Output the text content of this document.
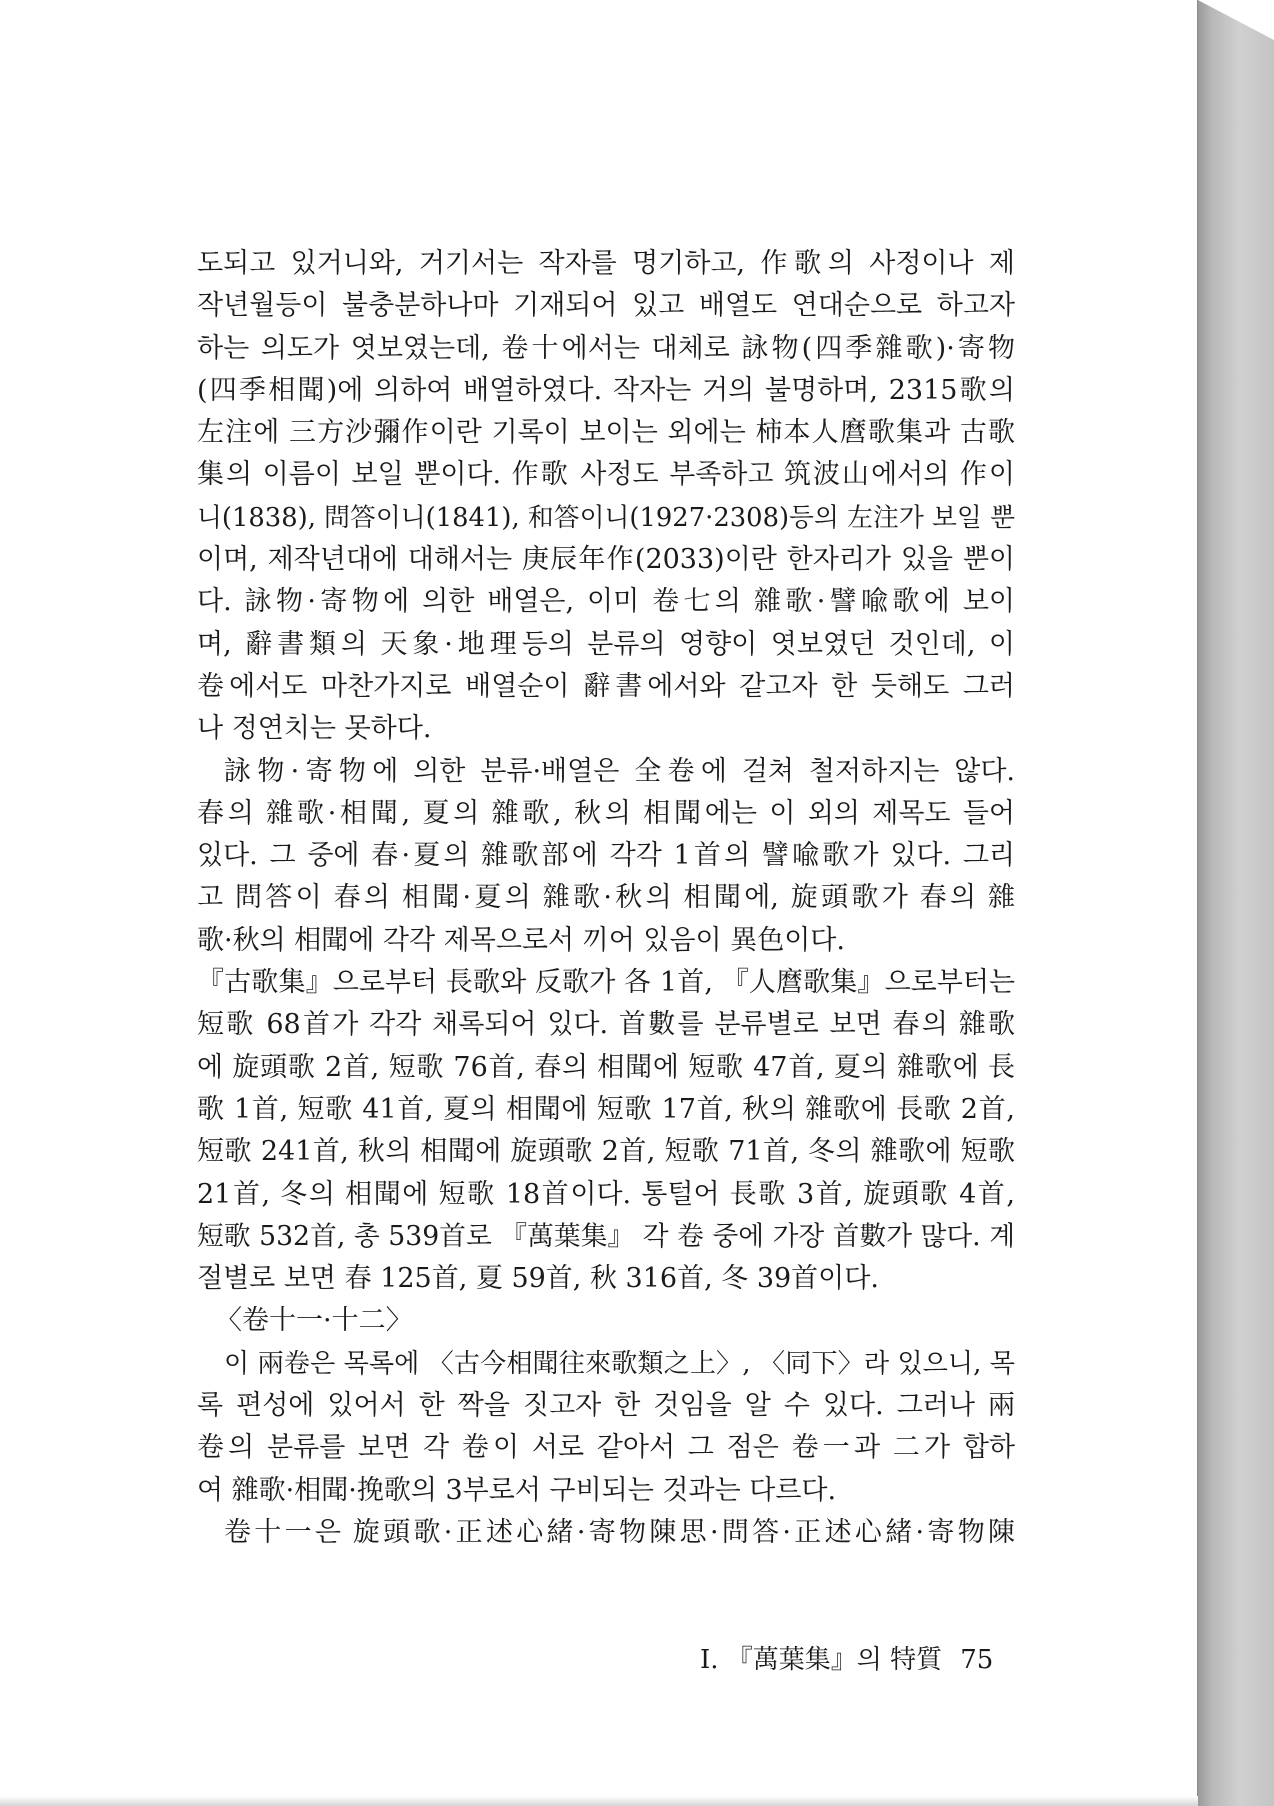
도되고 있거니와, 거기서는 작자를 명기하고, 作歌의 사정이나 제
작년월등이 불충분하나마 기재되어 있고 배열도 연대순으로 하고자
하는 의도가 엿보였는데, 卷十에서는 대체로 詠物(四季雜歌)·寄物
(四季相聞)에 의하여 배열하였다. 작자는 거의 불명하며, 2315歌의
左注에 三方沙彌作이란 기록이 보이는 외에는 柿本人麿歌集과 古歌
集의 이름이 보일 뿐이다. 作歌 사정도 부족하고 筑波山에서의 作이
니(1838), 問答이니(1841), 和答이니(1927·2308)등의 左注가 보일 뿐
이며, 제작년대에 대해서는 庚辰年作(2033)이란 한자리가 있을 뿐이
다. 詠物·寄物에 의한 배열은, 이미 卷七의 雜歌·譬喩歌에 보이
며, 辭書類의 天象·地理등의 분류의 영향이 엿보였던 것인데, 이
卷에서도 마찬가지로 배열순이 辭書에서와 같고자 한 듯해도 그러
나 정연치는 못하다.
詠物·寄物에 의한 분류·배열은 全卷에 걸쳐 철저하지는 않다.
春의 雜歌·相聞, 夏의 雜歌, 秋의 相聞에는 이 외의 제목도 들어
있다. 그 중에 春·夏의 雜歌部에 각각 1首의 譬喩歌가 있다. 그리
고 問答이 春의 相聞·夏의 雜歌·秋의 相聞에, 旋頭歌가 春의 雜
歌·秋의 相聞에 각각 제목으로서 끼어 있음이 異色이다.
『古歌集』으로부터 長歌와 反歌가 各 1首, 『人麿歌集』으로부터는
短歌 68首가 각각 채록되어 있다. 首數를 분류별로 보면 春의 雜歌
에 旋頭歌 2首, 短歌 76首, 春의 相聞에 短歌 47首, 夏의 雜歌에 長
歌 1首, 短歌 41首, 夏의 相聞에 短歌 17首, 秋의 雜歌에 長歌 2首,
短歌 241首, 秋의 相聞에 旋頭歌 2首, 短歌 71首, 冬의 雜歌에 短歌
21首, 冬의 相聞에 短歌 18首이다. 통털어 長歌 3首, 旋頭歌 4首,
短歌 532首, 총 539首로 『萬葉集』 각 卷 중에 가장 首數가 많다. 계
절별로 보면 春 125首, 夏 59首, 秋 316首, 冬 39首이다.
〈卷十一·十二〉
이 兩卷은 목록에 〈古今相聞往來歌類之上〉, 〈同下〉라 있으니, 목
록 편성에 있어서 한 짝을 짓고자 한 것임을 알 수 있다. 그러나 兩
卷의 분류를 보면 각 卷이 서로 같아서 그 점은 卷一과 二가 합하
여 雜歌·相聞·挽歌의 3부로서 구비되는 것과는 다르다.
卷十一은 旋頭歌·正述心緒·寄物陳思·問答·正述心緒·寄物陳
Ⅰ. 『萬葉集』의 特質 75
